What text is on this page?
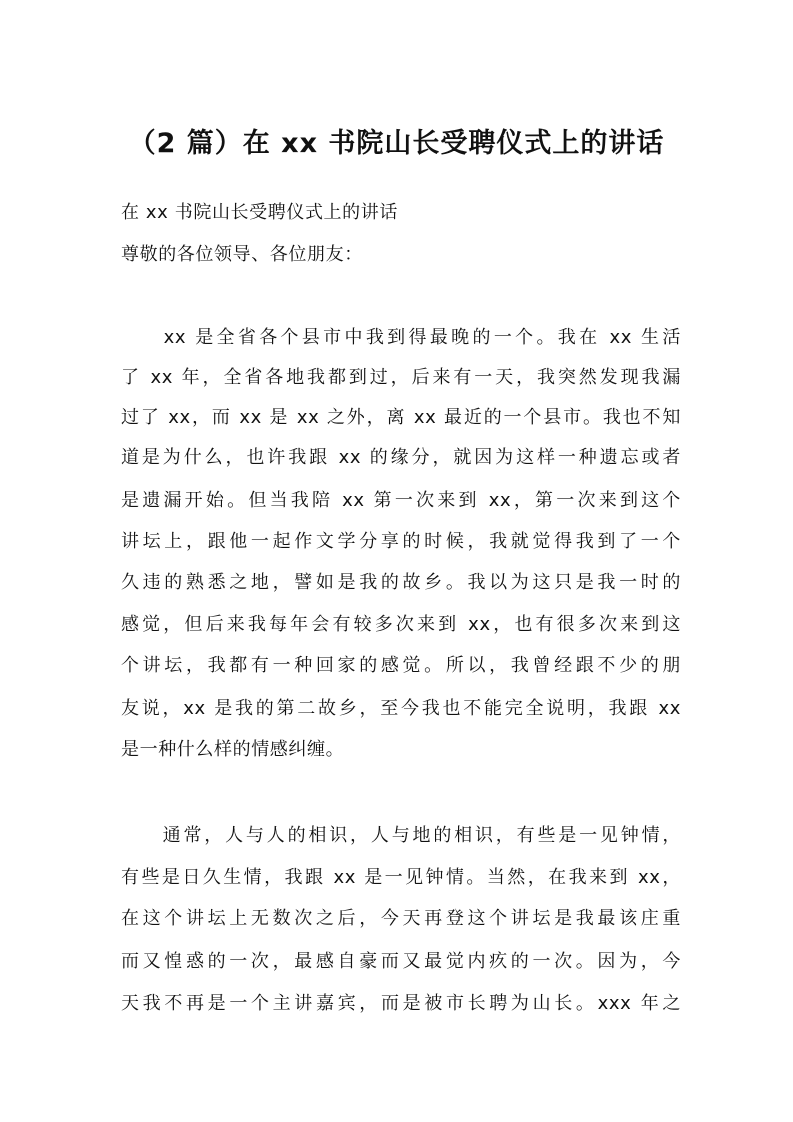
（2 篇）在 xx 书院山长受聘仪式上的讲话
在 xx 书院山长受聘仪式上的讲话
尊敬的各位领导、各位朋友：
　　xx 是全省各个县市中我到得最晚的一个。我在 xx 生活
了 xx 年，全省各地我都到过，后来有一天，我突然发现我漏
过了 xx，而 xx 是 xx 之外，离 xx 最近的一个县市。我也不知
道是为什么，也许我跟 xx 的缘分，就因为这样一种遗忘或者
是遗漏开始。但当我陪 xx 第一次来到 xx，第一次来到这个
讲坛上，跟他一起作文学分享的时候，我就觉得我到了一个
久违的熟悉之地，譬如是我的故乡。我以为这只是我一时的
感觉，但后来我每年会有较多次来到 xx，也有很多次来到这
个讲坛，我都有一种回家的感觉。所以，我曾经跟不少的朋
友说，xx 是我的第二故乡，至今我也不能完全说明，我跟 xx
是一种什么样的情感纠缠。
　　通常，人与人的相识，人与地的相识，有些是一见钟情，
有些是日久生情，我跟 xx 是一见钟情。当然，在我来到 xx，
在这个讲坛上无数次之后，今天再登这个讲坛是我最该庄重
而又惶惑的一次，最感自豪而又最觉内疚的一次。因为，今
天我不再是一个主讲嘉宾，而是被市长聘为山长。xxx 年之
